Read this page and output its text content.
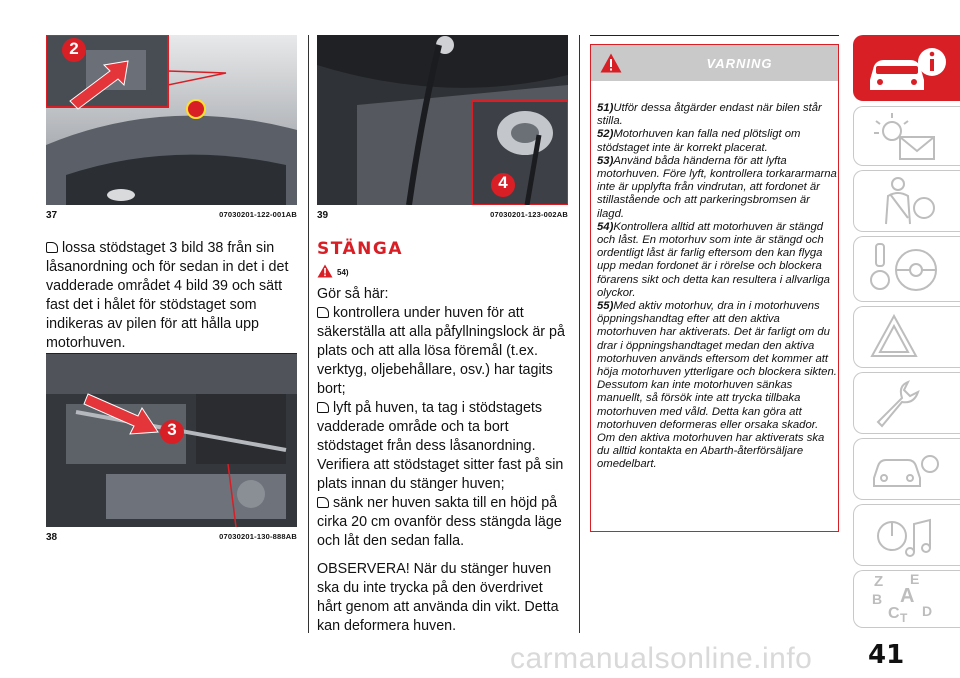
2
37	07030201-122-001AB

lossa stödstaget 3 bild 38 från sin låsanordning och för sedan in det i det vadderade området 4 bild 39 och sätt fast det i hålet för stödstaget som indikeras av pilen för att hålla upp motorhuven.

3
38	07030201-130-888AB
4
39	07030201-123-002AB
STÄNGA
54)

Gör så här:

kontrollera under huven för att säkerställa att alla påfyllningslock är på plats och att alla lösa föremål (t.ex. verktyg, oljebehållare, osv.) har tagits bort;

lyft på huven, ta tag i stödstagets vadderade område och ta bort stödstaget från dess låsanordning. Verifiera att stödstaget sitter fast på sin plats innan du stänger huven;

sänk ner huven sakta till en höjd på cirka 20 cm ovanför dess stängda läge och låt den sedan falla.

OBSERVERA! När du stänger huven ska du inte trycka på den överdrivet hårt genom att använda din vikt. Detta kan deformera huven.

VARNING

51)Utför dessa åtgärder endast när bilen står stilla.

52)Motorhuven kan falla ned plötsligt om stödstaget inte är korrekt placerat.

53)Använd båda händerna för att lyfta motorhuven. Före lyft, kontrollera torkararmarna inte är upplyfta från vindrutan, att fordonet är stillastående och att parkeringsbromsen är ilagd.

54)Kontrollera alltid att motorhuven är stängd och låst. En motorhuv som inte är stängd och ordentligt låst är farlig eftersom den kan flyga upp medan fordonet är i rörelse och blockera förarens sikt och detta kan resultera i allvarliga olyckor.

55)Med aktiv motorhuv, dra in i motorhuvens öppningshandtag efter att den aktiva motorhuven har aktiverats. Det är farligt om du drar i öppningshandtaget medan den aktiva motorhuven används eftersom det kommer att höja motorhuven ytterligare och blockera sikten. Dessutom kan inte motorhuven sänkas manuellt, så försök inte att trycka tillbaka motorhuven med våld. Detta kan göra att motorhuven deformeras eller orsaka skador. Om den aktiva motorhuven har aktiverats ska du alltid kontakta en Abarth-återförsäljare omedelbart.

Z E
A
B
C T D
41
carmanualsonline.info
